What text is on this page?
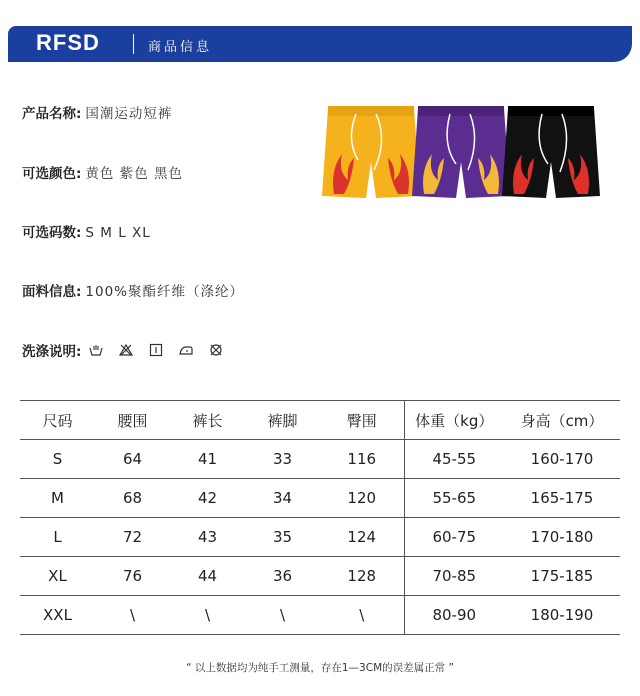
RFSD	商品信息
产品名称: 国潮运动短裤
可选颜色: 黄色 紫色 黑色
可选码数: S M L XL
面料信息: 100%聚酯纤维（涤纶）
洗涤说明:
尺码	腰围	裤长	裤脚	臀围	体重（kg）	身高（cm）
S	64	41	33	116	45-55	160-170
M	68	42	34	120	55-65	165-175
L	72	43	35	124	60-75	170-180
XL	76	44	36	128	70-85	175-185
XXL	\	\	\	\	80-90	180-190
“ 以上数据均为纯手工测量，存在1—3CM的误差属正常 ”
